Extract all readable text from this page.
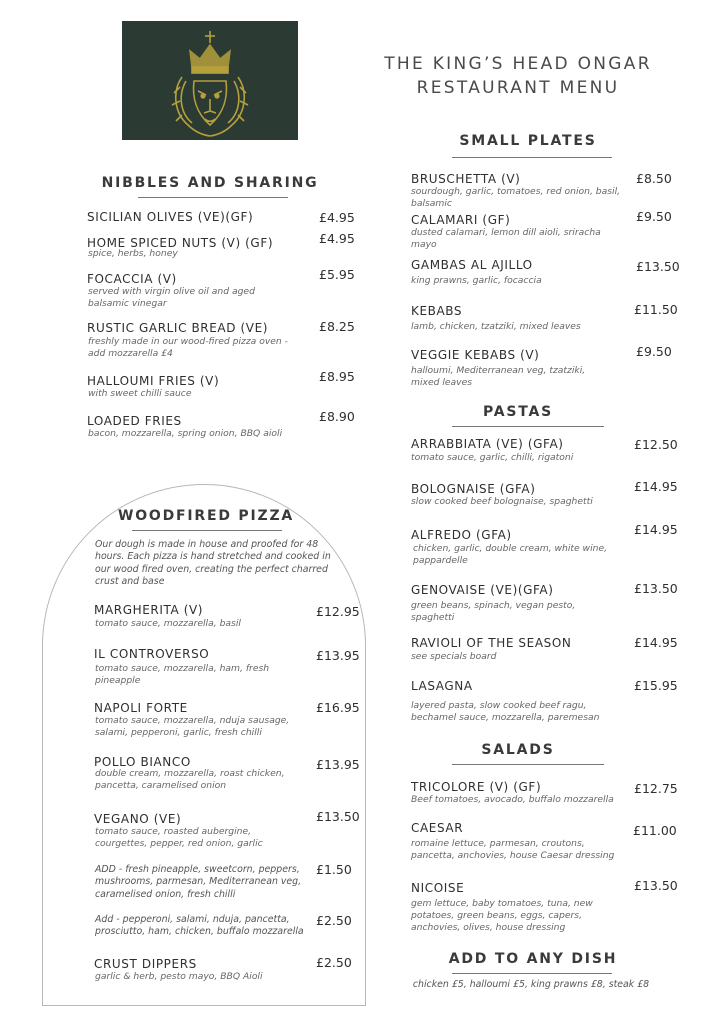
THE KING’S HEAD ONGAR
RESTAURANT MENU
NIBBLES AND SHARING
SICILIAN OLIVES (VE)(GF)	£4.95
HOME SPICED NUTS (V) (GF)
spice, herbs, honey
£4.95
FOCACCIA (V)
served with virgin olive oil and aged balsamic vinegar
£5.95
RUSTIC GARLIC BREAD (VE)
freshly made in our wood-fired pizza oven - add mozzarella £4
£8.25
HALLOUMI FRIES (V)
with sweet chilli sauce
£8.95
LOADED FRIES
bacon, mozzarella, spring onion, BBQ aioli
£8.90
WOODFIRED PIZZA
Our dough is made in house and proofed for 48 hours. Each pizza is hand stretched and cooked in our wood fired oven, creating the perfect charred crust and base
MARGHERITA (V)
tomato sauce, mozzarella, basil
£12.95
IL CONTROVERSO
tomato sauce, mozzarella, ham, fresh pineapple
£13.95
NAPOLI FORTE
tomato sauce, mozzarella, nduja sausage, salami, pepperoni, garlic, fresh chilli
£16.95
POLLO BIANCO
double cream, mozzarella, roast chicken, pancetta, caramelised onion
£13.95
VEGANO (VE)
tomato sauce, roasted aubergine, courgettes, pepper, red onion, garlic
£13.50
ADD - fresh pineapple, sweetcorn, peppers, mushrooms, parmesan, Mediterranean veg, caramelised onion, fresh chilli
£1.50
Add - pepperoni, salami, nduja, pancetta, prosciutto, ham, chicken, buffalo mozzarella
£2.50
CRUST DIPPERS
garlic & herb, pesto mayo, BBQ Aioli
£2.50
SMALL PLATES
BRUSCHETTA (V)
sourdough, garlic, tomatoes, red onion, basil, balsamic
£8.50
CALAMARI (GF)
dusted calamari, lemon dill aioli, sriracha mayo
£9.50
GAMBAS AL AJILLO
king prawns, garlic, focaccia
£13.50
KEBABS
lamb, chicken, tzatziki, mixed leaves
£11.50
VEGGIE KEBABS (V)
halloumi, Mediterranean veg, tzatziki, mixed leaves
£9.50
PASTAS
ARRABBIATA (VE) (GFA)
tomato sauce, garlic, chilli, rigatoni
£12.50
BOLOGNAISE (GFA)
slow cooked beef bolognaise, spaghetti
£14.95
ALFREDO (GFA)
chicken, garlic, double cream, white wine, pappardelle
£14.95
GENOVAISE (VE)(GFA)
green beans, spinach, vegan pesto, spaghetti
£13.50
RAVIOLI OF THE SEASON
see specials board
£14.95
LASAGNA
layered pasta, slow cooked beef ragu, bechamel sauce, mozzarella, paremesan
£15.95
SALADS
TRICOLORE (V) (GF)
Beef tomatoes, avocado, buffalo mozzarella
£12.75
CAESAR
romaine lettuce, parmesan, croutons, pancetta, anchovies, house Caesar dressing
£11.00
NICOISE
gem lettuce, baby tomatoes, tuna, new potatoes, green beans, eggs, capers, anchovies, olives, house dressing
£13.50
ADD TO ANY DISH
chicken £5, halloumi £5, king prawns £8, steak £8
